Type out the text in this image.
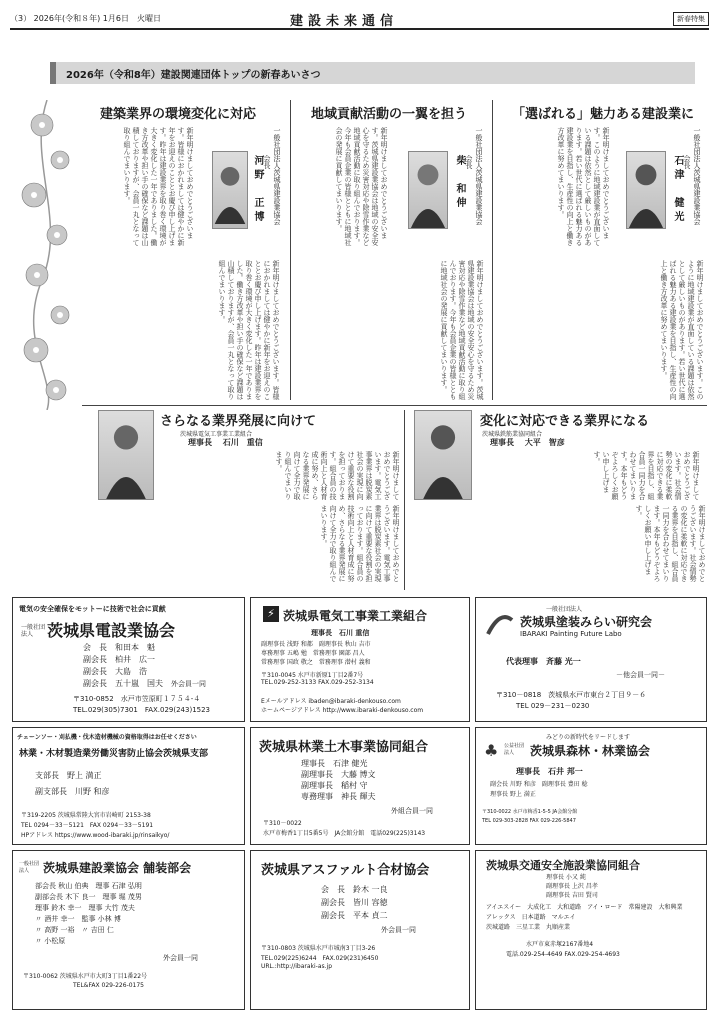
（3） 2026年(令和８年) 1月6日　火曜日	建設未来通信	新春特集
2026年（令和8年）建設関連団体トップの新春あいさつ
建築業界の環境変化に対応
新年明けましておめでとうございます。皆様におかれましては健やかに新年をお迎えのこととお慶び申し上げます。昨年は建設業界を取り巻く環境が大きく変化した一年でありました。働き方改革や担い手の確保など課題は山積しておりますが、会員一丸となって取り組んでまいります。	一般社団法人茨城県建設業協会
会長
河野　正博
新年明けましておめでとうございます。皆様におかれましては健やかに新年をお迎えのこととお慶び申し上げます。昨年は建設業界を取り巻く環境が大きく変化した一年でありました。働き方改革や担い手の確保など課題は山積しておりますが、会員一丸となって取り組んでまいります。
地域貢献活動の一翼を担う
新年明けましておめでとうございます。茨城県建設業協会は地域の安全安心を守るため災害対応や除雪作業など地域貢献活動に取り組んでおります。今年も会員企業の皆様とともに地域社会の発展に貢献してまいります。	一般社団法人茨城県建設業協会
会長
柴　和伸
新年明けましておめでとうございます。茨城県建設業協会は地域の安全安心を守るため災害対応や除雪作業など地域貢献活動に取り組んでおります。今年も会員企業の皆様とともに地域社会の発展に貢献してまいります。
「選ばれる」魅力ある建設業に
新年明けましておめでとうございます。このように地域建設業が直面している課題は依然として厳しいものがあります。若い世代に選ばれる魅力ある建設業を目指し、生産性の向上と働き方改革に努めてまいります。	一般社団法人茨城県建設業協会
会長
石津　健光
新年明けましておめでとうございます。このように地域建設業が直面している課題は依然として厳しいものがあります。若い世代に選ばれる魅力ある建設業を目指し、生産性の向上と働き方改革に努めてまいります。
さらなる業界発展に向けて
茨城県電気工事業工業組合
理事長　 石川　重信
新年明けましておめでとうございます。電気工事業界は脱炭素社会の実現に向けて重要な役割を担っております。組合員の技術向上と人材育成に努め、さらなる業界発展に向けて全力で取り組んでまいります。
新年明けましておめでとうございます。電気工事業界は脱炭素社会の実現に向けて重要な役割を担っております。組合員の技術向上と人材育成に努め、さらなる業界発展に向けて全力で取り組んでまいります。
変化に対応できる業界になる
茨城県鉄筋業協同組合
理事長　 大平　智彦
新年明けましておめでとうございます。社会情勢の変化に柔軟に対応できる業界を目指し、組合員一同力を合わせてまいります。本年もどうぞよろしくお願い申し上げます。
新年明けましておめでとうございます。社会情勢の変化に柔軟に対応できる業界を目指し、組合員一同力を合わせてまいります。本年もどうぞよろしくお願い申し上げます。
電気の安全確保をモットーに技術で社会に貢献
一般社団法人 茨城県電設業協会
会　長　 和田本　魁
副会長　 柏井　広一
副会長　 大島　浩
副会長　 五十嵐　国夫　 外会員一同
〒310-0852　水戸市笠原町１７５４-４
TEL.029(305)7301　FAX.029(243)1523
⚡ 茨城県電気工事業工業組合
理事長　石川 重信
副理事長 浅野 和都　副理事長 秋山 吉市
専務理事 五嶋 勉　常務理事 園部 昌人
常務理事 国政 敬之　常務理事 潜村 義和
〒310-0045 水戸市新原1丁目2番7号
TEL.029-252-3133 FAX.029-252-3134
Eメールアドレス ibaden@ibaraki-denkouso.com
ホームページアドレス http://www.ibaraki-denkouso.com
一般社団法人
茨城県塗装みらい研究会
IBARAKI Painting Future Labo
代表理事　斉藤 光一
－他会員一同－
〒310－0818　茨城県水戸市東台２丁目９－６
TEL 029－231－0230
チェーンソー・刈払機・伐木造材機械の資格取得はお任せください
林業・木材製造業労働災害防止協会茨城県支部
支部長　 野上 満正
副支部長　 川野 和彦
〒319-2205 茨城県常陸大宮市岩崎町 2153-38
TEL 0294－33－5121　FAX 0294－33－5191
HPアドレス https://www.wood-ibaraki.jp/rinsaikyo/
茨城県林業土木事業協同組合
理事長　 石津 健光
副理事長　 大藤 博文
副理事長　 稲村 守
専務理事　 神長 輝夫
外組合員一同
〒310－0022
水戸市梅香1丁目5番5号　JA会館分館　電話029(225)3143
みどりの新時代をリードします
♣	公益社団法人	茨城県森林・林業協会
理事長　石井 邦一
副会長 川野 和彦　副理事長 豊田 稔
理事長 野上 満正
〒310-0022 水戸市梅香1-5-5 JA会館分館
TEL 029-303-2828 FAX 029-226-5847
一般社団法人	茨城県建設業協会 舗装部会
部会長 秋山 伯典　理事 石津 弘明
副部会長 木下 良一　理事 堀 茂男
理事 鈴木 幸一　理事 大竹 茂夫
〃 酒井 幸一　監事 小林 博
〃 高野 一裕　〃 吉田 仁
〃 小松原
外会員一同
〒310-0062 茨城県水戸市大町3丁目1番22号
TEL&FAX 029-226-0175
茨城県アスファルト合材協会
会　長　 鈴木 一良
副会長　 皆川 容徳
副会長　 平本 貞二
外会員一同
〒310-0803 茨城県水戸市城南3丁目3-26
TEL.029(225)6244　FAX.029(231)6450
URL.:http://ibaraki-as.jp
茨城県交通安全施設業協同組合
理事長 小又 純
副理事長 上沢 昌孝
副理事長 吉田 賢司
アイエスイー　大成化工　大和道路　アイ・ロード　常陽建設　大和興業
アレックス　日本道路　マルエイ
茨城道路　三星工業　丸順産業
水戸市東赤塚2167番地4
電話.029-254-4649 FAX.029-254-4693
